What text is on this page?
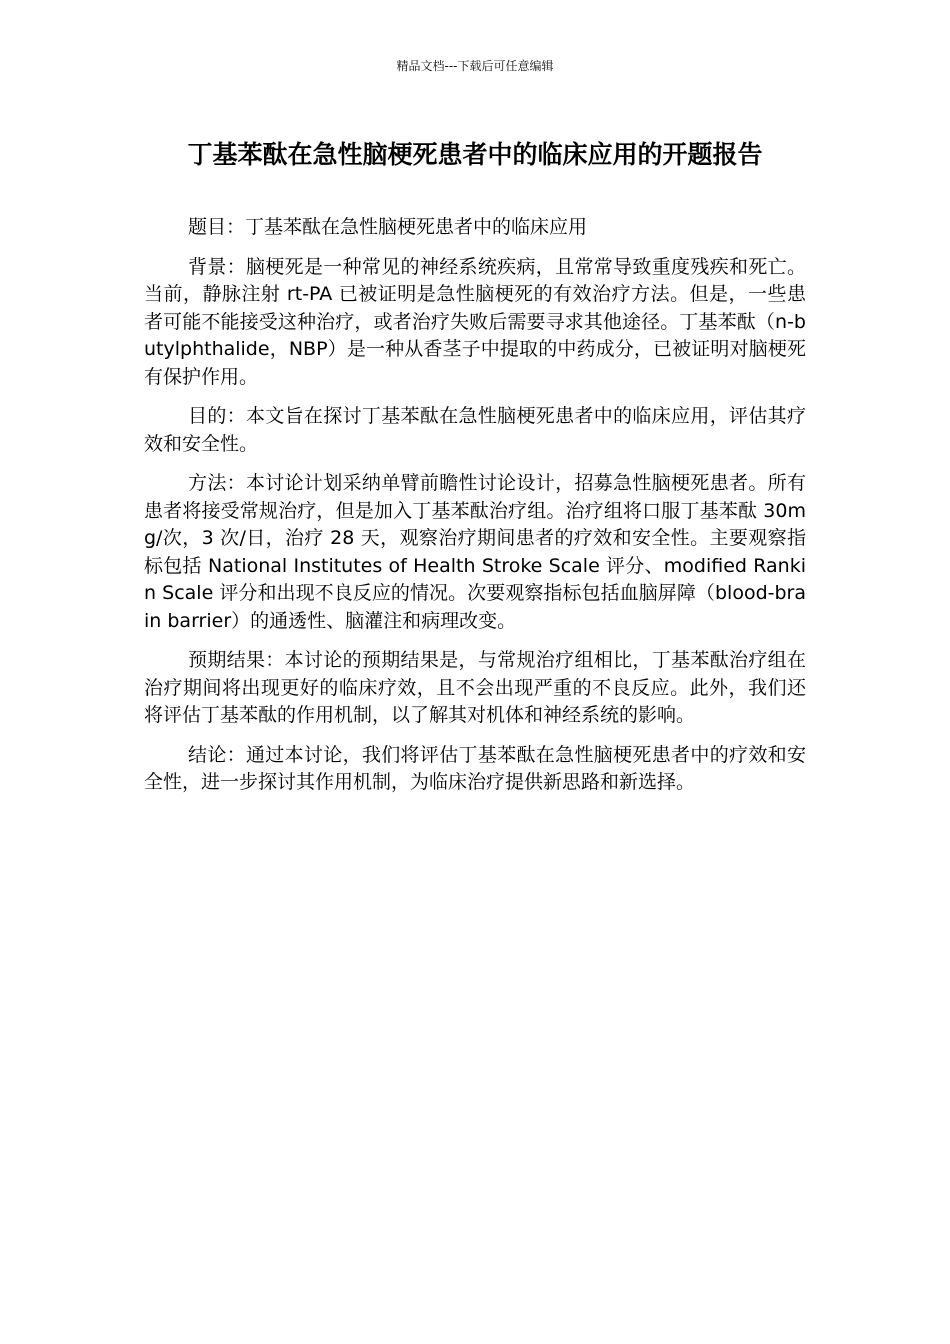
精品文档---下载后可任意编辑
丁基苯酞在急性脑梗死患者中的临床应用的开题报告

题目：丁基苯酞在急性脑梗死患者中的临床应用

背景：脑梗死是一种常见的神经系统疾病，且常常导致重度残疾和死亡。当前，静脉注射 rt-PA 已被证明是急性脑梗死的有效治疗方法。但是，一些患者可能不能接受这种治疗，或者治疗失败后需要寻求其他途径。丁基苯酞（n-butylphthalide，NBP）是一种从香茎子中提取的中药成分，已被证明对脑梗死有保护作用。

目的：本文旨在探讨丁基苯酞在急性脑梗死患者中的临床应用，评估其疗效和安全性。

方法：本讨论计划采纳单臂前瞻性讨论设计，招募急性脑梗死患者。所有患者将接受常规治疗，但是加入丁基苯酞治疗组。治疗组将口服丁基苯酞 30mg/次，3 次/日，治疗 28 天，观察治疗期间患者的疗效和安全性。主要观察指标包括 National Institutes of Health Stroke Scale 评分、modified Rankin Scale 评分和出现不良反应的情况。次要观察指标包括血脑屏障（blood-brain barrier）的通透性、脑灌注和病理改变。

预期结果：本讨论的预期结果是，与常规治疗组相比，丁基苯酞治疗组在治疗期间将出现更好的临床疗效，且不会出现严重的不良反应。此外，我们还将评估丁基苯酞的作用机制，以了解其对机体和神经系统的影响。

结论：通过本讨论，我们将评估丁基苯酞在急性脑梗死患者中的疗效和安全性，进一步探讨其作用机制，为临床治疗提供新思路和新选择。
